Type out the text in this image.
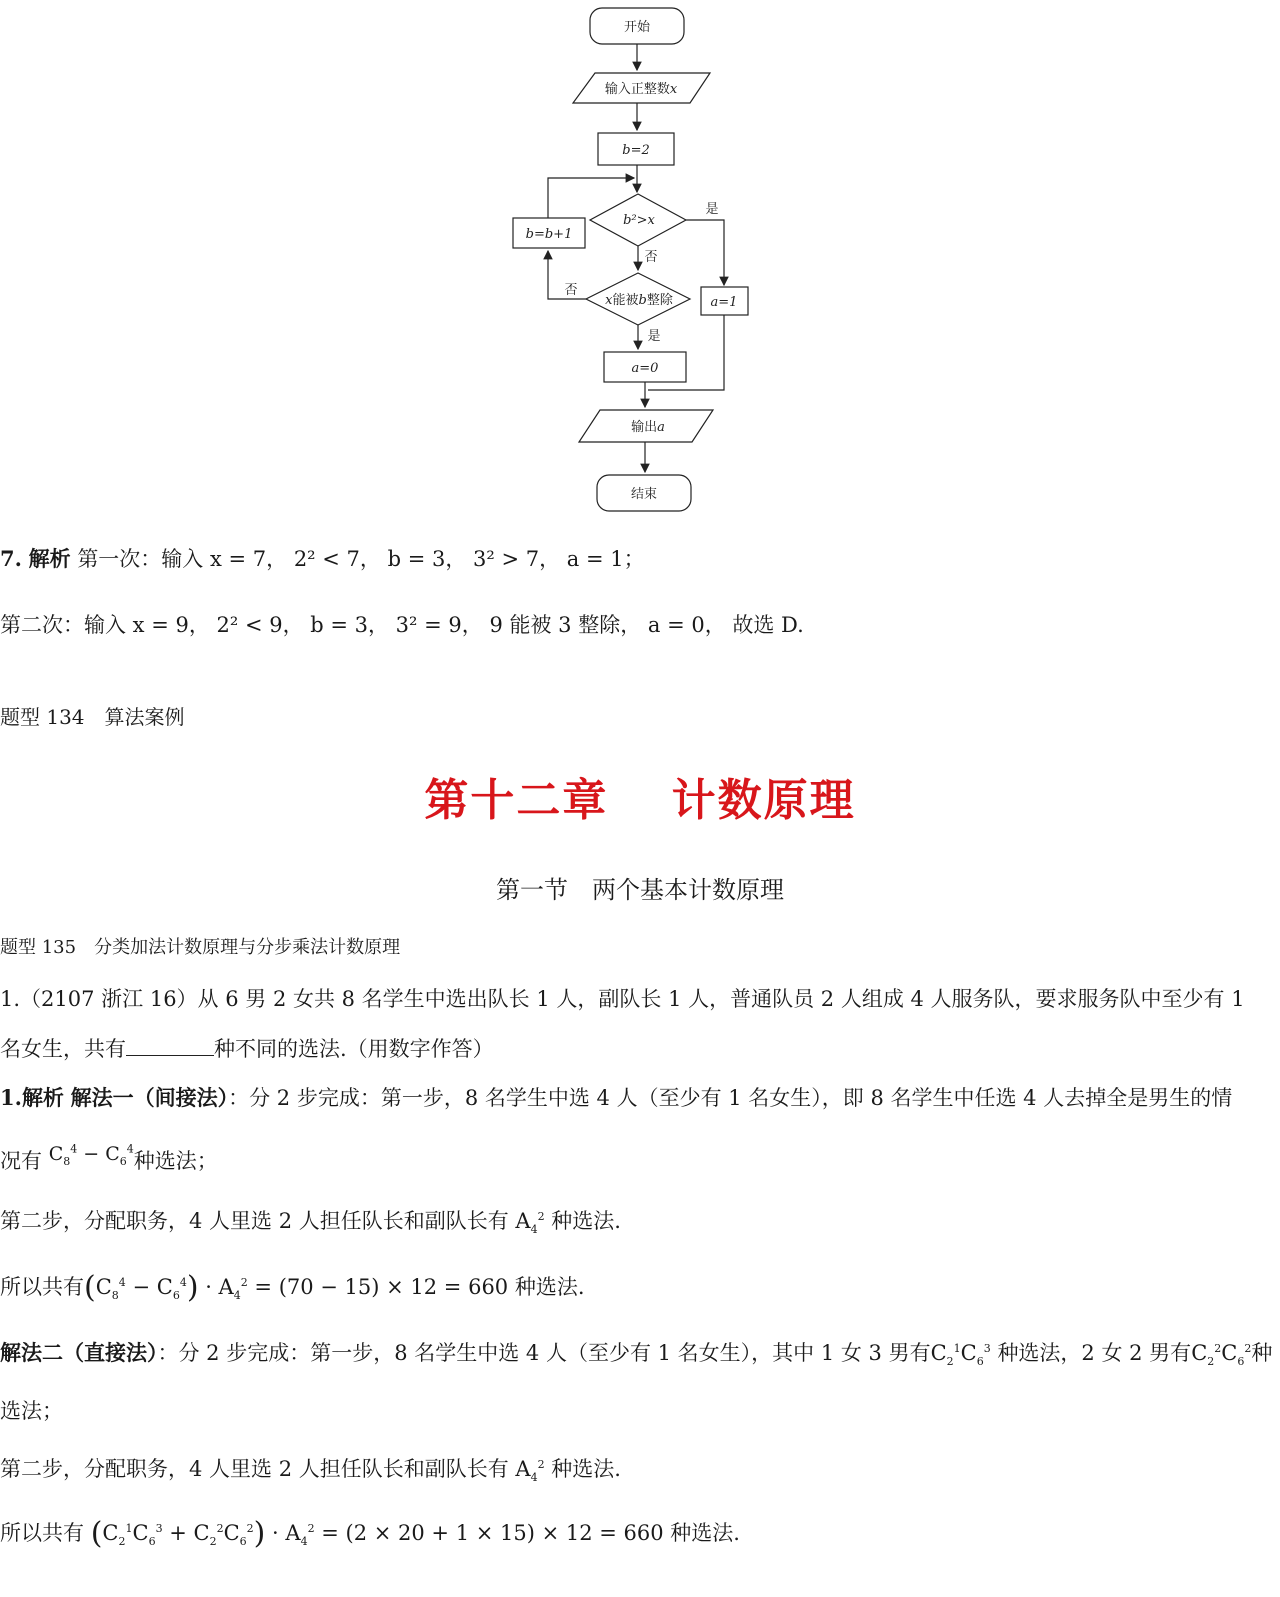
开始
输入正整数x
b=2
b²>x
是
否
b=b+1
x能被b整除
否
是
a=1
a=0
输出a
结束
7. 解析 第一次：输入 x = 7， 2² < 7， b = 3， 3² > 7， a = 1；
第二次：输入 x = 9， 2² < 9， b = 3， 3² = 9， 9 能被 3 整除， a = 0， 故选 D.
题型 134　算法案例
第十二章　 计数原理
第一节　两个基本计数原理
题型 135　分类加法计数原理与分步乘法计数原理
1.（2107 浙江 16）从 6 男 2 女共 8 名学生中选出队长 1 人，副队长 1 人，普通队员 2 人组成 4 人服务队，要求服务队中至少有 1
名女生，共有	种不同的选法.（用数字作答）
1.解析 解法一（间接法）：分 2 步完成：第一步，8 名学生中选 4 人（至少有 1 名女生），即 8 名学生中任选 4 人去掉全是男生的情
况有 $C_8^4 - C_6^4$种选法；
第二步，分配职务，4 人里选 2 人担任队长和副队长有 $A_4^2$ 种选法.
所以共有$(C_8^4 - C_6^4) \cdot A_4^2 = (70 - 15) \times 12 = 660$ 种选法.
解法二（直接法）：分 2 步完成：第一步，8 名学生中选 4 人（至少有 1 名女生），其中 1 女 3 男有$C_2^1C_6^3$ 种选法，2 女 2 男有$C_2^2C_6^2$种
选法；
第二步，分配职务，4 人里选 2 人担任队长和副队长有 $A_4^2$ 种选法.
所以共有 $(C_2^1C_6^3 + C_2^2C_6^2) \cdot A_4^2 = (2 \times 20 + 1 \times 15) \times 12 = 660$ 种选法.
